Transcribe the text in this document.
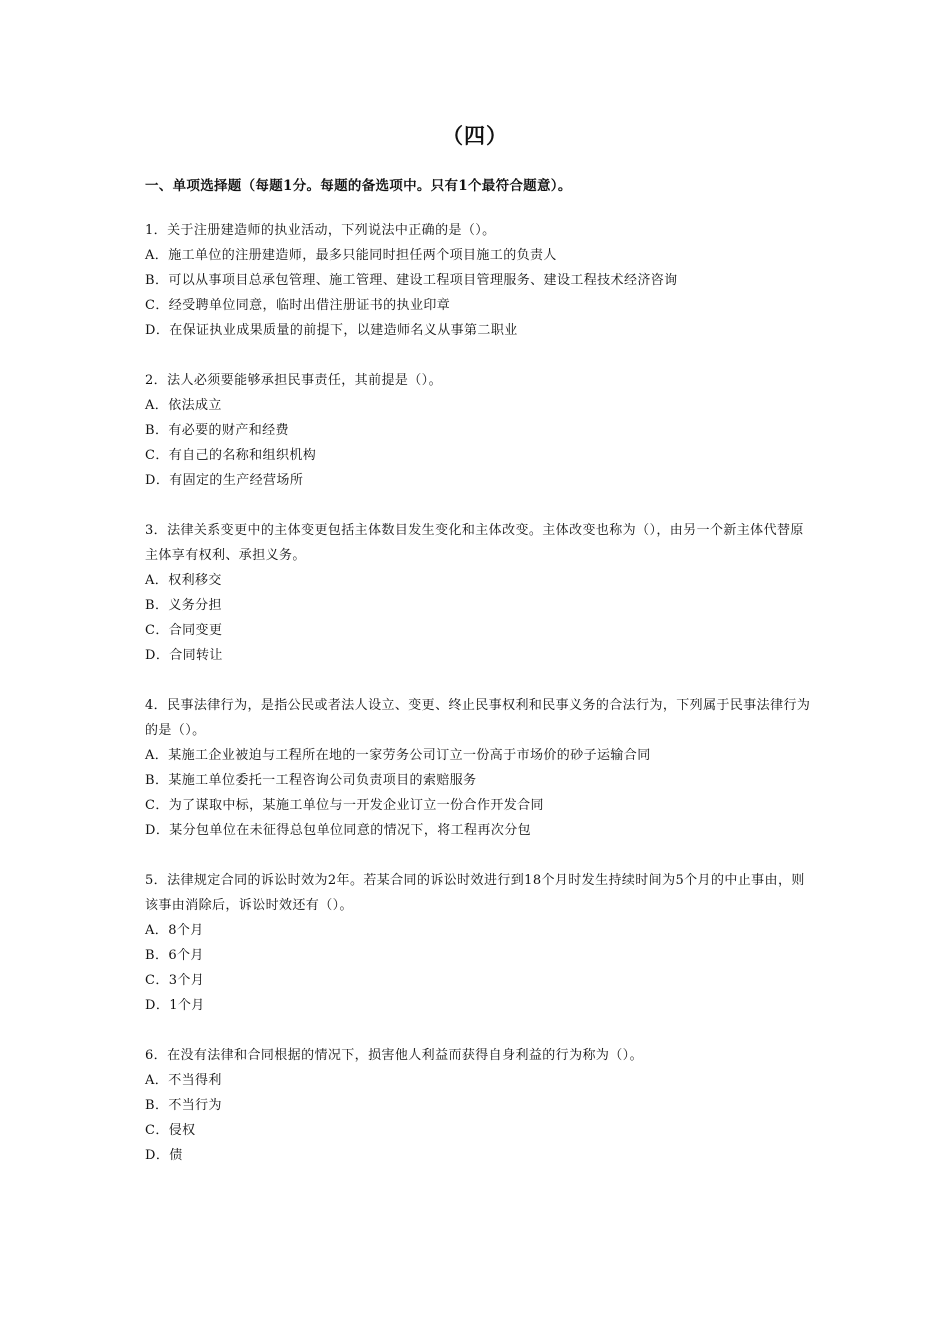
（四）
一、单项选择题（每题1分。每题的备选项中。只有1个最符合题意）。
1．关于注册建造师的执业活动，下列说法中正确的是（）。
A．施工单位的注册建造师，最多只能同时担任两个项目施工的负责人
B．可以从事项目总承包管理、施工管理、建设工程项目管理服务、建设工程技术经济咨询
C．经受聘单位同意，临时出借注册证书的执业印章
D．在保证执业成果质量的前提下，以建造师名义从事第二职业
2．法人必须要能够承担民事责任，其前提是（）。
A．依法成立
B．有必要的财产和经费
C．有自己的名称和组织机构
D．有固定的生产经营场所
3．法律关系变更中的主体变更包括主体数目发生变化和主体改变。主体改变也称为（），由另一个新主体代替原主体享有权利、承担义务。
A．权利移交
B．义务分担
C．合同变更
D．合同转让
4．民事法律行为，是指公民或者法人设立、变更、终止民事权利和民事义务的合法行为，下列属于民事法律行为的是（）。
A．某施工企业被迫与工程所在地的一家劳务公司订立一份高于市场价的砂子运输合同
B．某施工单位委托一工程咨询公司负责项目的索赔服务
C．为了谋取中标，某施工单位与一开发企业订立一份合作开发合同
D．某分包单位在未征得总包单位同意的情况下，将工程再次分包
5．法律规定合同的诉讼时效为2年。若某合同的诉讼时效进行到18个月时发生持续时间为5个月的中止事由，则该事由消除后，诉讼时效还有（）。
A．8个月
B．6个月
C．3个月
D．1个月
6．在没有法律和合同根据的情况下，损害他人利益而获得自身利益的行为称为（）。
A．不当得利
B．不当行为
C．侵权
D．债
